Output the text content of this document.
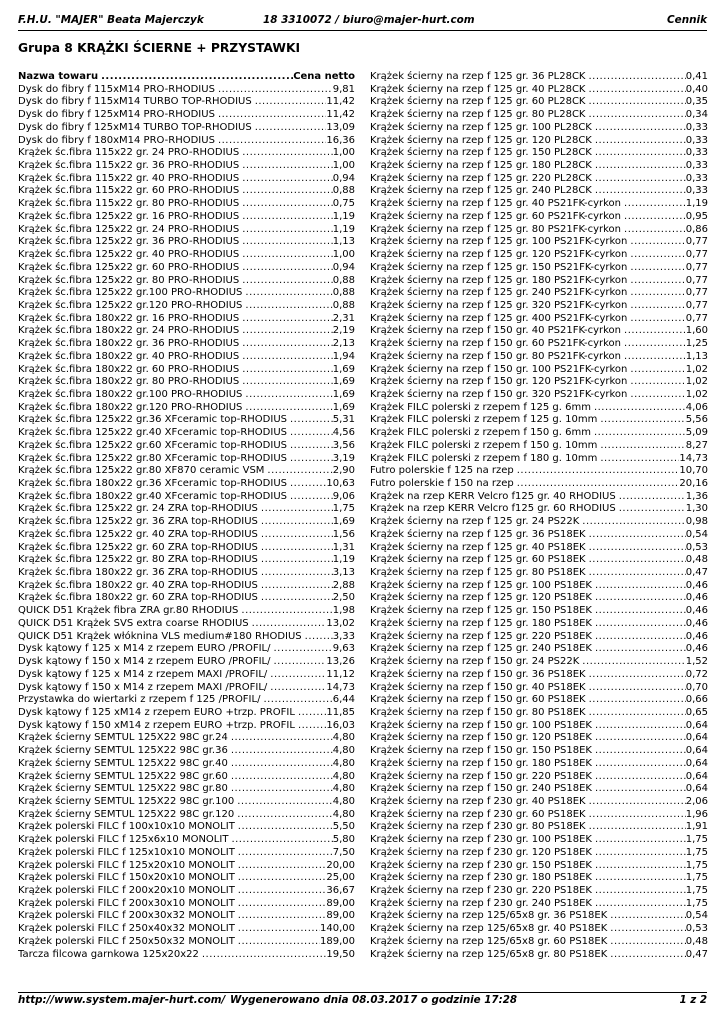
F.H.U. "MAJER" Beata Majerczyk	18 3310072 / biuro@majer-hurt.com	Cennik
Grupa 8 KRĄŻKI ŚCIERNE + PRZYSTAWKI
Nazwa towaru .....	Cena netto
Dysk do fibry f 115xM14 PRO-RHODIUS .....	9,81
Dysk do fibry f 115xM14 TURBO TOP-RHODIUS .....	11,42
Dysk do fibry f 125xM14 PRO-RHODIUS .....	11,42
Dysk do fibry f 125xM14 TURBO TOP-RHODIUS .....	13,09
Dysk do fibry f 180xM14 PRO-RHODIUS .....	16,36
Krążek śc.fibra 115x22 gr. 24 PRO-RHODIUS .....	1,00
Krążek śc.fibra 115x22 gr. 36 PRO-RHODIUS .....	1,00
Krążek śc.fibra 115x22 gr. 40 PRO-RHODIUS .....	0,94
Krążek śc.fibra 115x22 gr. 60 PRO-RHODIUS .....	0,88
Krążek śc.fibra 115x22 gr. 80 PRO-RHODIUS .....	0,75
Krążek śc.fibra 125x22 gr. 16 PRO-RHODIUS .....	1,19
Krążek śc.fibra 125x22 gr. 24 PRO-RHODIUS .....	1,19
Krążek śc.fibra 125x22 gr. 36 PRO-RHODIUS .....	1,13
Krążek śc.fibra 125x22 gr. 40 PRO-RHODIUS .....	1,00
Krążek śc.fibra 125x22 gr. 60 PRO-RHODIUS .....	0,94
Krążek śc.fibra 125x22 gr. 80 PRO-RHODIUS .....	0,88
Krążek śc.fibra 125x22 gr.100 PRO-RHODIUS .....	0,88
Krążek śc.fibra 125x22 gr.120 PRO-RHODIUS .....	0,88
Krążek śc.fibra 180x22 gr. 16 PRO-RHODIUS .....	2,31
Krążek śc.fibra 180x22 gr. 24 PRO-RHODIUS .....	2,19
Krążek śc.fibra 180x22 gr. 36 PRO-RHODIUS .....	2,13
Krążek śc.fibra 180x22 gr. 40 PRO-RHODIUS .....	1,94
Krążek śc.fibra 180x22 gr. 60 PRO-RHODIUS .....	1,69
Krążek śc.fibra 180x22 gr. 80 PRO-RHODIUS .....	1,69
Krążek śc.fibra 180x22 gr.100 PRO-RHODIUS .....	1,69
Krążek śc.fibra 180x22 gr.120 PRO-RHODIUS .....	1,69
Krążek śc.fibra 125x22 gr.36 XFceramic top-RHODIUS .....	5,31
Krążek śc.fibra 125x22 gr.40 XFceramic top-RHODIUS .....	4,56
Krążek śc.fibra 125x22 gr.60 XFceramic top-RHODIUS .....	3,56
Krążek śc.fibra 125x22 gr.80 XFceramic top-RHODIUS .....	3,19
Krążek śc.fibra 125x22 gr.80 XF870 ceramic VSM .....	2,90
Krążek śc.fibra 180x22 gr.36 XFceramic top-RHODIUS .....	10,63
Krążek śc.fibra 180x22 gr.40 XFceramic top-RHODIUS .....	9,06
Krążek śc.fibra 125x22 gr. 24 ZRA top-RHODIUS .....	1,75
Krążek śc.fibra 125x22 gr. 36 ZRA top-RHODIUS .....	1,69
Krążek śc.fibra 125x22 gr. 40 ZRA top-RHODIUS .....	1,56
Krążek śc.fibra 125x22 gr. 60 ZRA top-RHODIUS .....	1,31
Krążek śc.fibra 125x22 gr. 80 ZRA top-RHODIUS .....	1,19
Krążek śc.fibra 180x22 gr. 36 ZRA top-RHODIUS .....	3,13
Krążek śc.fibra 180x22 gr. 40 ZRA top-RHODIUS .....	2,88
Krążek śc.fibra 180x22 gr. 60 ZRA top-RHODIUS .....	2,50
QUICK D51 Krążek fibra ZRA gr.80 RHODIUS .....	1,98
QUICK D51 Krążek SVS extra coarse RHODIUS .....	13,02
QUICK D51 Krążek włóknina VLS medium#180 RHODIUS .....	3,33
Dysk kątowy f 125 x M14 z rzepem EURO /PROFIL/ .....	9,63
Dysk kątowy f 150 x M14 z rzepem EURO /PROFIL/ .....	13,26
Dysk kątowy f 125 x M14 z rzepem MAXI /PROFIL/ .....	11,12
Dysk kątowy f 150 x M14 z rzepem MAXI /PROFIL/ .....	14,73
Przystawka do wiertarki z rzepem f 125 /PROFIL/ .....	6,44
Dysk kątowy f 125 xM14 z rzepem EURO +trzp. PROFIL .....	11,85
Dysk kątowy f 150 xM14 z rzepem EURO +trzp. PROFIL .....	16,03
Krążek ścierny SEMTUL 125X22 98C gr.24 .....	4,80
Krążek ścierny SEMTUL 125X22 98C gr.36 .....	4,80
Krążek ścierny SEMTUL 125X22 98C gr.40 .....	4,80
Krążek ścierny SEMTUL 125X22 98C gr.60 .....	4,80
Krążek ścierny SEMTUL 125X22 98C gr.80 .....	4,80
Krążek ścierny SEMTUL 125X22 98C gr.100 .....	4,80
Krążek ścierny SEMTUL 125X22 98C gr.120 .....	4,80
Krążek polerski FILC f 100x10x10 MONOLIT .....	5,50
Krążek polerski FILC f 125x6x10 MONOLIT .....	5,80
Krążek polerski FILC f 125x10x10 MONOLIT .....	7,50
Krążek polerski FILC f 125x20x10 MONOLIT .....	20,00
Krążek polerski FILC f 150x20x10 MONOLIT .....	25,00
Krążek polerski FILC f 200x20x10 MONOLIT .....	36,67
Krążek polerski FILC f 200x30x10 MONOLIT .....	89,00
Krążek polerski FILC f 200x30x32 MONOLIT .....	89,00
Krążek polerski FILC f 250x40x32 MONOLIT .....	140,00
Krążek polerski FILC f 250x50x32 MONOLIT .....	189,00
Tarcza filcowa garnkowa 125x20x22 .....	19,50
Krążek ścierny na rzep f 125 gr. 36 PL28CK .....	0,41
Krążek ścierny na rzep f 125 gr. 40 PL28CK .....	0,40
Krążek ścierny na rzep f 125 gr. 60 PL28CK .....	0,35
Krążek ścierny na rzep f 125 gr. 80 PL28CK .....	0,34
Krążek ścierny na rzep f 125 gr. 100 PL28CK .....	0,33
Krążek ścierny na rzep f 125 gr. 120 PL28CK .....	0,33
Krążek ścierny na rzep f 125 gr. 150 PL28CK .....	0,33
Krążek ścierny na rzep f 125 gr. 180 PL28CK .....	0,33
Krążek ścierny na rzep f 125 gr. 220 PL28CK .....	0,33
Krążek ścierny na rzep f 125 gr. 240 PL28CK .....	0,33
Krążek ścierny na rzep f 125 gr. 40 PS21FK-cyrkon .....	1,19
Krążek ścierny na rzep f 125 gr. 60 PS21FK-cyrkon .....	0,95
Krążek ścierny na rzep f 125 gr. 80 PS21FK-cyrkon .....	0,86
Krążek ścierny na rzep f 125 gr. 100 PS21FK-cyrkon .....	0,77
Krążek ścierny na rzep f 125 gr. 120 PS21FK-cyrkon .....	0,77
Krążek ścierny na rzep f 125 gr. 150 PS21FK-cyrkon .....	0,77
Krążek ścierny na rzep f 125 gr. 180 PS21FK-cyrkon .....	0,77
Krążek ścierny na rzep f 125 gr. 240 PS21FK-cyrkon .....	0,77
Krążek ścierny na rzep f 125 gr. 320 PS21FK-cyrkon .....	0,77
Krążek ścierny na rzep f 125 gr. 400 PS21FK-cyrkon .....	0,77
Krążek ścierny na rzep f 150 gr. 40 PS21FK-cyrkon .....	1,60
Krążek ścierny na rzep f 150 gr. 60 PS21FK-cyrkon .....	1,25
Krążek ścierny na rzep f 150 gr. 80 PS21FK-cyrkon .....	1,13
Krążek ścierny na rzep f 150 gr. 100 PS21FK-cyrkon .....	1,02
Krążek ścierny na rzep f 150 gr. 120 PS21FK-cyrkon .....	1,02
Krążek ścierny na rzep f 150 gr. 320 PS21FK-cyrkon .....	1,02
Krążek FILC polerski z rzepem f 125 g. 6mm .....	4,06
Krążek FILC polerski z rzepem f 125 g. 10mm .....	5,56
Krążek FILC polerski z rzepem f 150 g. 6mm .....	5,09
Krążek FILC polerski z rzepem f 150 g. 10mm .....	8,27
Krążek FILC polerski z rzepem f 180 g. 10mm .....	14,73
Futro polerskie f 125 na rzep .....	10,70
Futro polerskie f 150 na rzep .....	20,16
Krążek na rzep KERR Velcro f125 gr. 40 RHODIUS .....	1,36
Krążek na rzep KERR Velcro f125 gr. 60 RHODIUS .....	1,30
Krążek ścierny na rzep f 125 gr. 24 PS22K .....	0,98
Krążek ścierny na rzep f 125 gr. 36 PS18EK .....	0,54
Krążek ścierny na rzep f 125 gr. 40 PS18EK .....	0,53
Krążek ścierny na rzep f 125 gr. 60 PS18EK .....	0,48
Krążek ścierny na rzep f 125 gr. 80 PS18EK .....	0,47
Krążek ścierny na rzep f 125 gr. 100 PS18EK .....	0,46
Krążek ścierny na rzep f 125 gr. 120 PS18EK .....	0,46
Krążek ścierny na rzep f 125 gr. 150 PS18EK .....	0,46
Krążek ścierny na rzep f 125 gr. 180 PS18EK .....	0,46
Krążek ścierny na rzep f 125 gr. 220 PS18EK .....	0,46
Krążek ścierny na rzep f 125 gr. 240 PS18EK .....	0,46
Krążek ścierny na rzep f 150 gr. 24 PS22K .....	1,52
Krążek ścierny na rzep f 150 gr. 36 PS18EK .....	0,72
Krążek ścierny na rzep f 150 gr. 40 PS18EK .....	0,70
Krążek ścierny na rzep f 150 gr. 60 PS18EK .....	0,66
Krążek ścierny na rzep f 150 gr. 80 PS18EK .....	0,65
Krążek ścierny na rzep f 150 gr. 100 PS18EK .....	0,64
Krążek ścierny na rzep f 150 gr. 120 PS18EK .....	0,64
Krążek ścierny na rzep f 150 gr. 150 PS18EK .....	0,64
Krążek ścierny na rzep f 150 gr. 180 PS18EK .....	0,64
Krążek ścierny na rzep f 150 gr. 220 PS18EK .....	0,64
Krążek ścierny na rzep f 150 gr. 240 PS18EK .....	0,64
Krążek ścierny na rzep f 230 gr. 40 PS18EK .....	2,06
Krążek ścierny na rzep f 230 gr. 60 PS18EK .....	1,96
Krążek ścierny na rzep f 230 gr. 80 PS18EK .....	1,91
Krążek ścierny na rzep f 230 gr. 100 PS18EK .....	1,75
Krążek ścierny na rzep f 230 gr. 120 PS18EK .....	1,75
Krążek ścierny na rzep f 230 gr. 150 PS18EK .....	1,75
Krążek ścierny na rzep f 230 gr. 180 PS18EK .....	1,75
Krążek ścierny na rzep f 230 gr. 220 PS18EK .....	1,75
Krążek ścierny na rzep f 230 gr. 240 PS18EK .....	1,75
Krążek ścierny na rzep 125/65x8 gr. 36 PS18EK .....	0,54
Krążek ścierny na rzep 125/65x8 gr. 40 PS18EK .....	0,53
Krążek ścierny na rzep 125/65x8 gr. 60 PS18EK .....	0,48
Krążek ścierny na rzep 125/65x8 gr. 80 PS18EK .....	0,47
http://www.system.majer-hurt.com/ Wygenerowano dnia 08.03.2017 o godzinie 17:28	1 z 2
